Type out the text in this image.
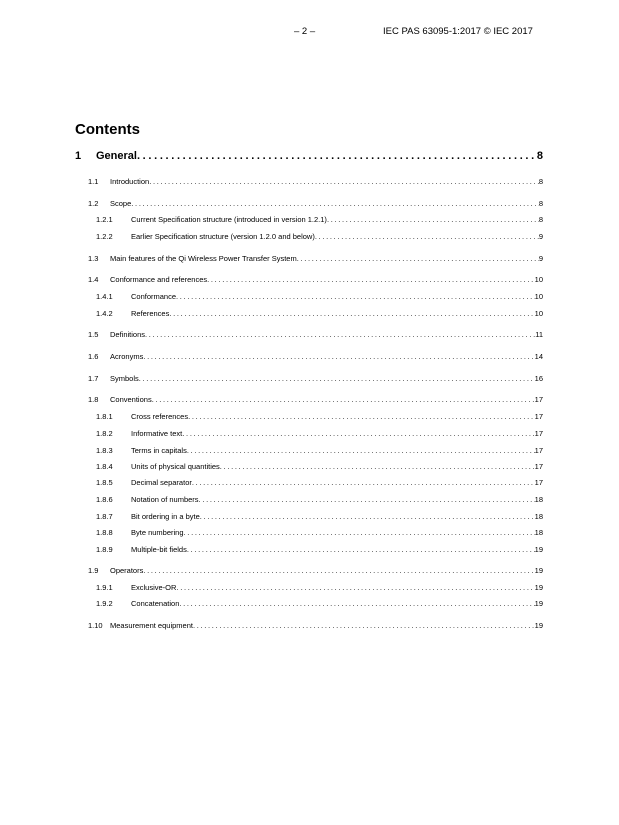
– 2 –	IEC PAS 63095-1:2017 © IEC 2017
Contents
1	General . . .	8
1.1	Introduction . . .	8
1.2	Scope . . .	8
1.2.1	Current Specification structure (introduced in version 1.2.1) . . .	8
1.2.2	Earlier Specification structure (version 1.2.0 and below) . . .	9
1.3	Main features of the Qi Wireless Power Transfer System . . .	9
1.4	Conformance and references . . .	10
1.4.1	Conformance . . .	10
1.4.2	References . . .	10
1.5	Definitions . . .	11
1.6	Acronyms . . .	14
1.7	Symbols . . .	16
1.8	Conventions . . .	17
1.8.1	Cross references . . .	17
1.8.2	Informative text . . .	17
1.8.3	Terms in capitals . . .	17
1.8.4	Units of physical quantities . . .	17
1.8.5	Decimal separator . . .	17
1.8.6	Notation of numbers . . .	18
1.8.7	Bit ordering in a byte . . .	18
1.8.8	Byte numbering . . .	18
1.8.9	Multiple-bit fields . . .	19
1.9	Operators . . .	19
1.9.1	Exclusive-OR . . .	19
1.9.2	Concatenation . . .	19
1.10 Measurement equipment . . .	19
